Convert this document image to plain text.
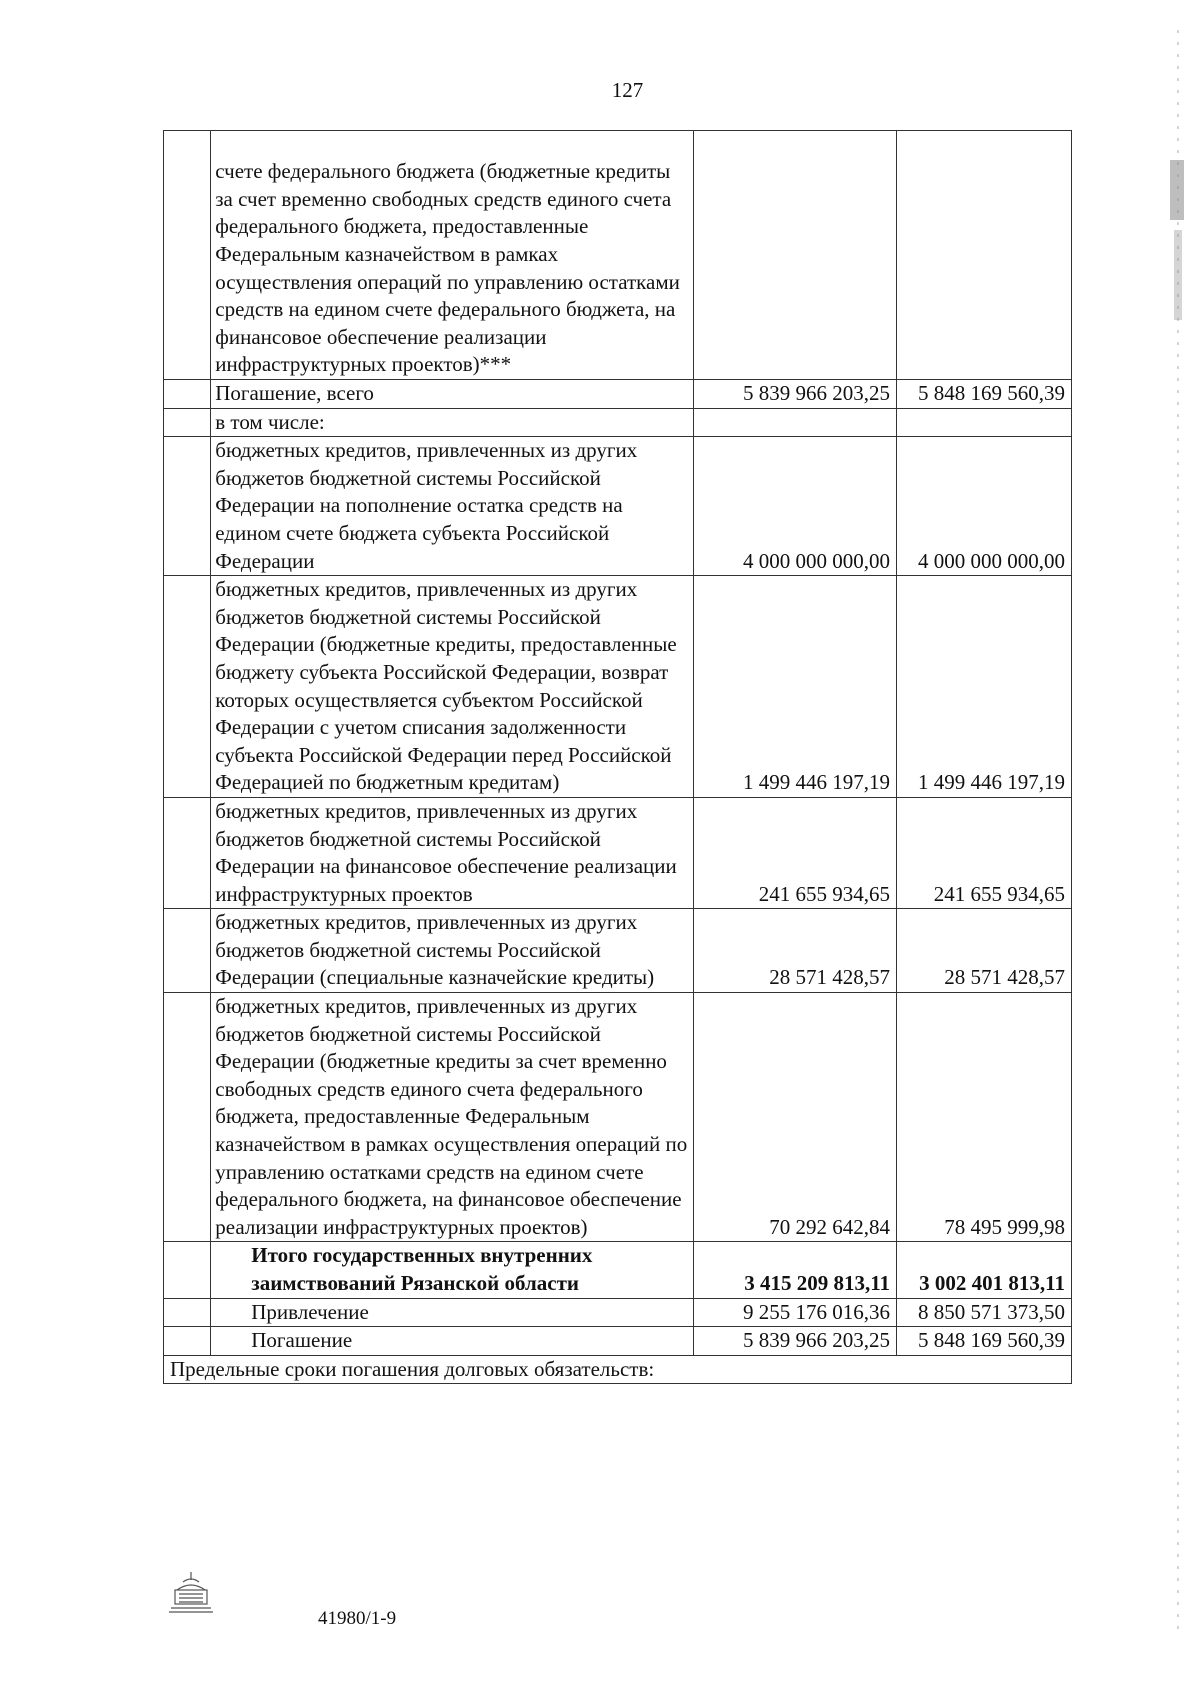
127
	счете федерального бюджета (бюджетные кредиты за счет временно свободных средств единого счета федерального бюджета, предоставленные Федеральным казначейством в рамках осуществления операций по управлению остатками средств на едином счете федерального бюджета, на финансовое обеспечение реализации инфраструктурных проектов)***		
	Погашение, всего	5 839 966 203,25	5 848 169 560,39
	в том числе:		
	бюджетных кредитов, привлеченных из других бюджетов бюджетной системы Российской Федерации на пополнение остатка средств на едином счете бюджета субъекта Российской Федерации	4 000 000 000,00	4 000 000 000,00
	бюджетных кредитов, привлеченных из других бюджетов бюджетной системы Российской Федерации (бюджетные кредиты, предоставленные бюджету субъекта Российской Федерации, возврат которых осуществляется субъектом Российской Федерации с учетом списания задолженности субъекта Российской Федерации перед Российской Федерацией по бюджетным кредитам)	1 499 446 197,19	1 499 446 197,19
	бюджетных кредитов, привлеченных из других бюджетов бюджетной системы Российской Федерации на финансовое обеспечение реализации инфраструктурных проектов	241 655 934,65	241 655 934,65
	бюджетных кредитов, привлеченных из других бюджетов бюджетной системы Российской Федерации (специальные казначейские кредиты)	28 571 428,57	28 571 428,57
	бюджетных кредитов, привлеченных из других бюджетов бюджетной системы Российской Федерации (бюджетные кредиты за счет временно свободных средств единого счета федерального бюджета, предоставленные Федеральным казначейством в рамках осуществления операций по управлению остатками средств на едином счете федерального бюджета, на финансовое обеспечение реализации инфраструктурных проектов)	70 292 642,84	78 495 999,98
	Итого государственных внутренних заимствований Рязанской области	3 415 209 813,11	3 002 401 813,11
	Привлечение	9 255 176 016,36	8 850 571 373,50
	Погашение	5 839 966 203,25	5 848 169 560,39
Предельные сроки погашения долговых обязательств:			
41980/1-9
